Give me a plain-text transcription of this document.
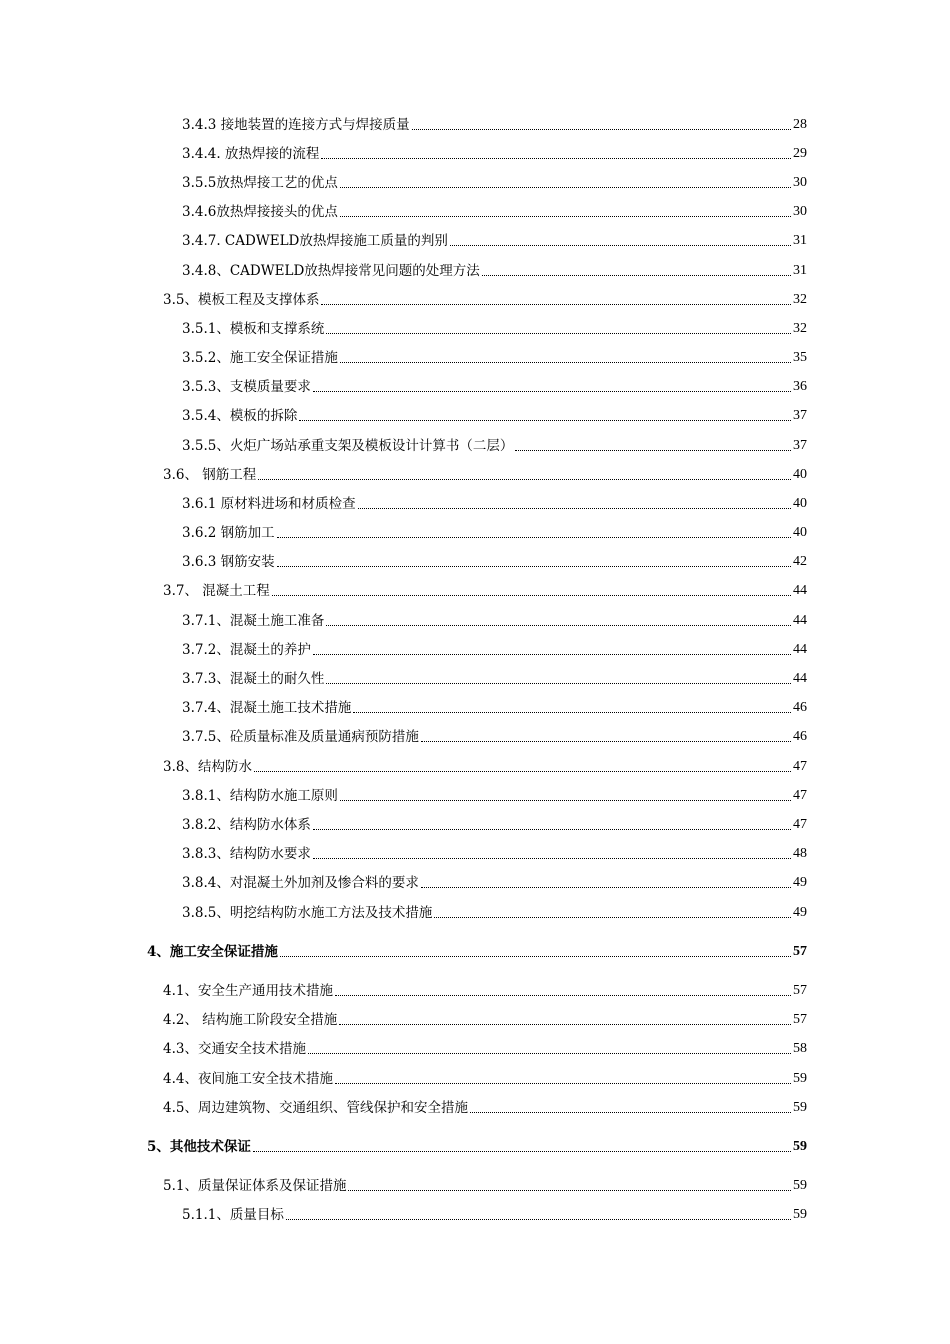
3.4.3 接地装置的连接方式与焊接质量	28
3.4.4. 放热焊接的流程	29
3.5.5放热焊接工艺的优点	30
3.4.6放热焊接接头的优点	30
3.4.7. CADWELD放热焊接施工质量的判别	31
3.4.8、CADWELD放热焊接常见问题的处理方法	31
3.5、模板工程及支撑体系	32
3.5.1、模板和支撑系统	32
3.5.2、施工安全保证措施	35
3.5.3、支模质量要求	36
3.5.4、模板的拆除	37
3.5.5、火炬广场站承重支架及模板设计计算书（二层）	37
3.6、 钢筋工程	40
3.6.1 原材料进场和材质检查	40
3.6.2 钢筋加工	40
3.6.3 钢筋安装	42
3.7、 混凝土工程	44
3.7.1、混凝土施工准备	44
3.7.2、混凝土的养护	44
3.7.3、混凝土的耐久性	44
3.7.4、混凝土施工技术措施	46
3.7.5、砼质量标准及质量通病预防措施	46
3.8、结构防水	47
3.8.1、结构防水施工原则	47
3.8.2、结构防水体系	47
3.8.3、结构防水要求	48
3.8.4、对混凝土外加剂及惨合料的要求	49
3.8.5、明挖结构防水施工方法及技术措施	49
4、施工安全保证措施	57
4.1、安全生产通用技术措施	57
4.2、 结构施工阶段安全措施	57
4.3、交通安全技术措施	58
4.4、夜间施工安全技术措施	59
4.5、周边建筑物、交通组织、管线保护和安全措施	59
5、其他技术保证	59
5.1、质量保证体系及保证措施	59
5.1.1、质量目标	59
